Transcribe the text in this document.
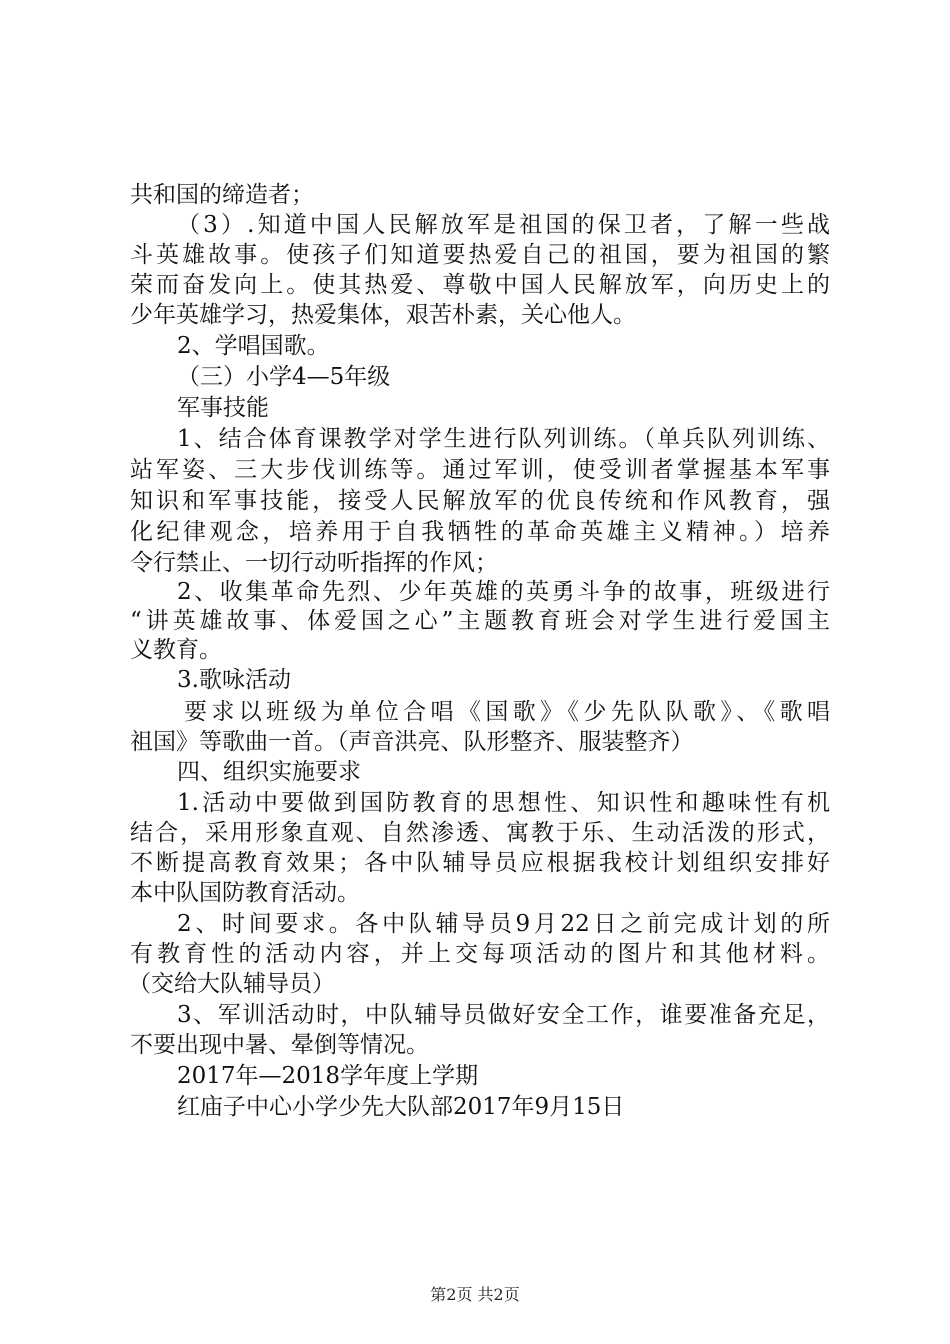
共和国的缔造者；
（3）.知道中国人民解放军是祖国的保卫者，了解一些战
斗英雄故事。使孩子们知道要热爱自己的祖国，要为祖国的繁
荣而奋发向上。使其热爱、尊敬中国人民解放军，向历史上的
少年英雄学习，热爱集体，艰苦朴素，关心他人。
2、学唱国歌。
（三）小学4—5年级
军事技能
1、结合体育课教学对学生进行队列训练。（单兵队列训练、
站军姿、三大步伐训练等。通过军训，使受训者掌握基本军事
知识和军事技能，接受人民解放军的优良传统和作风教育，强
化纪律观念，培养用于自我牺牲的革命英雄主义精神。）培养
令行禁止、一切行动听指挥的作风；
2、收集革命先烈、少年英雄的英勇斗争的故事，班级进行
“讲英雄故事、体爱国之心”主题教育班会对学生进行爱国主
义教育。
3.歌咏活动
要求以班级为单位合唱《国歌》《少先队队歌》、《歌唱
祖国》等歌曲一首。（声音洪亮、队形整齐、服装整齐）
四、组织实施要求
1.活动中要做到国防教育的思想性、知识性和趣味性有机
结合，采用形象直观、自然渗透、寓教于乐、生动活泼的形式，
不断提高教育效果；各中队辅导员应根据我校计划组织安排好
本中队国防教育活动。
2、时间要求。各中队辅导员9月22日之前完成计划的所
有教育性的活动内容，并上交每项活动的图片和其他材料。
（交给大队辅导员）
3、军训活动时，中队辅导员做好安全工作，谁要准备充足，
不要出现中暑、晕倒等情况。
2017年—2018学年度上学期
红庙子中心小学少先大队部2017年9月15日
第2页 共2页
